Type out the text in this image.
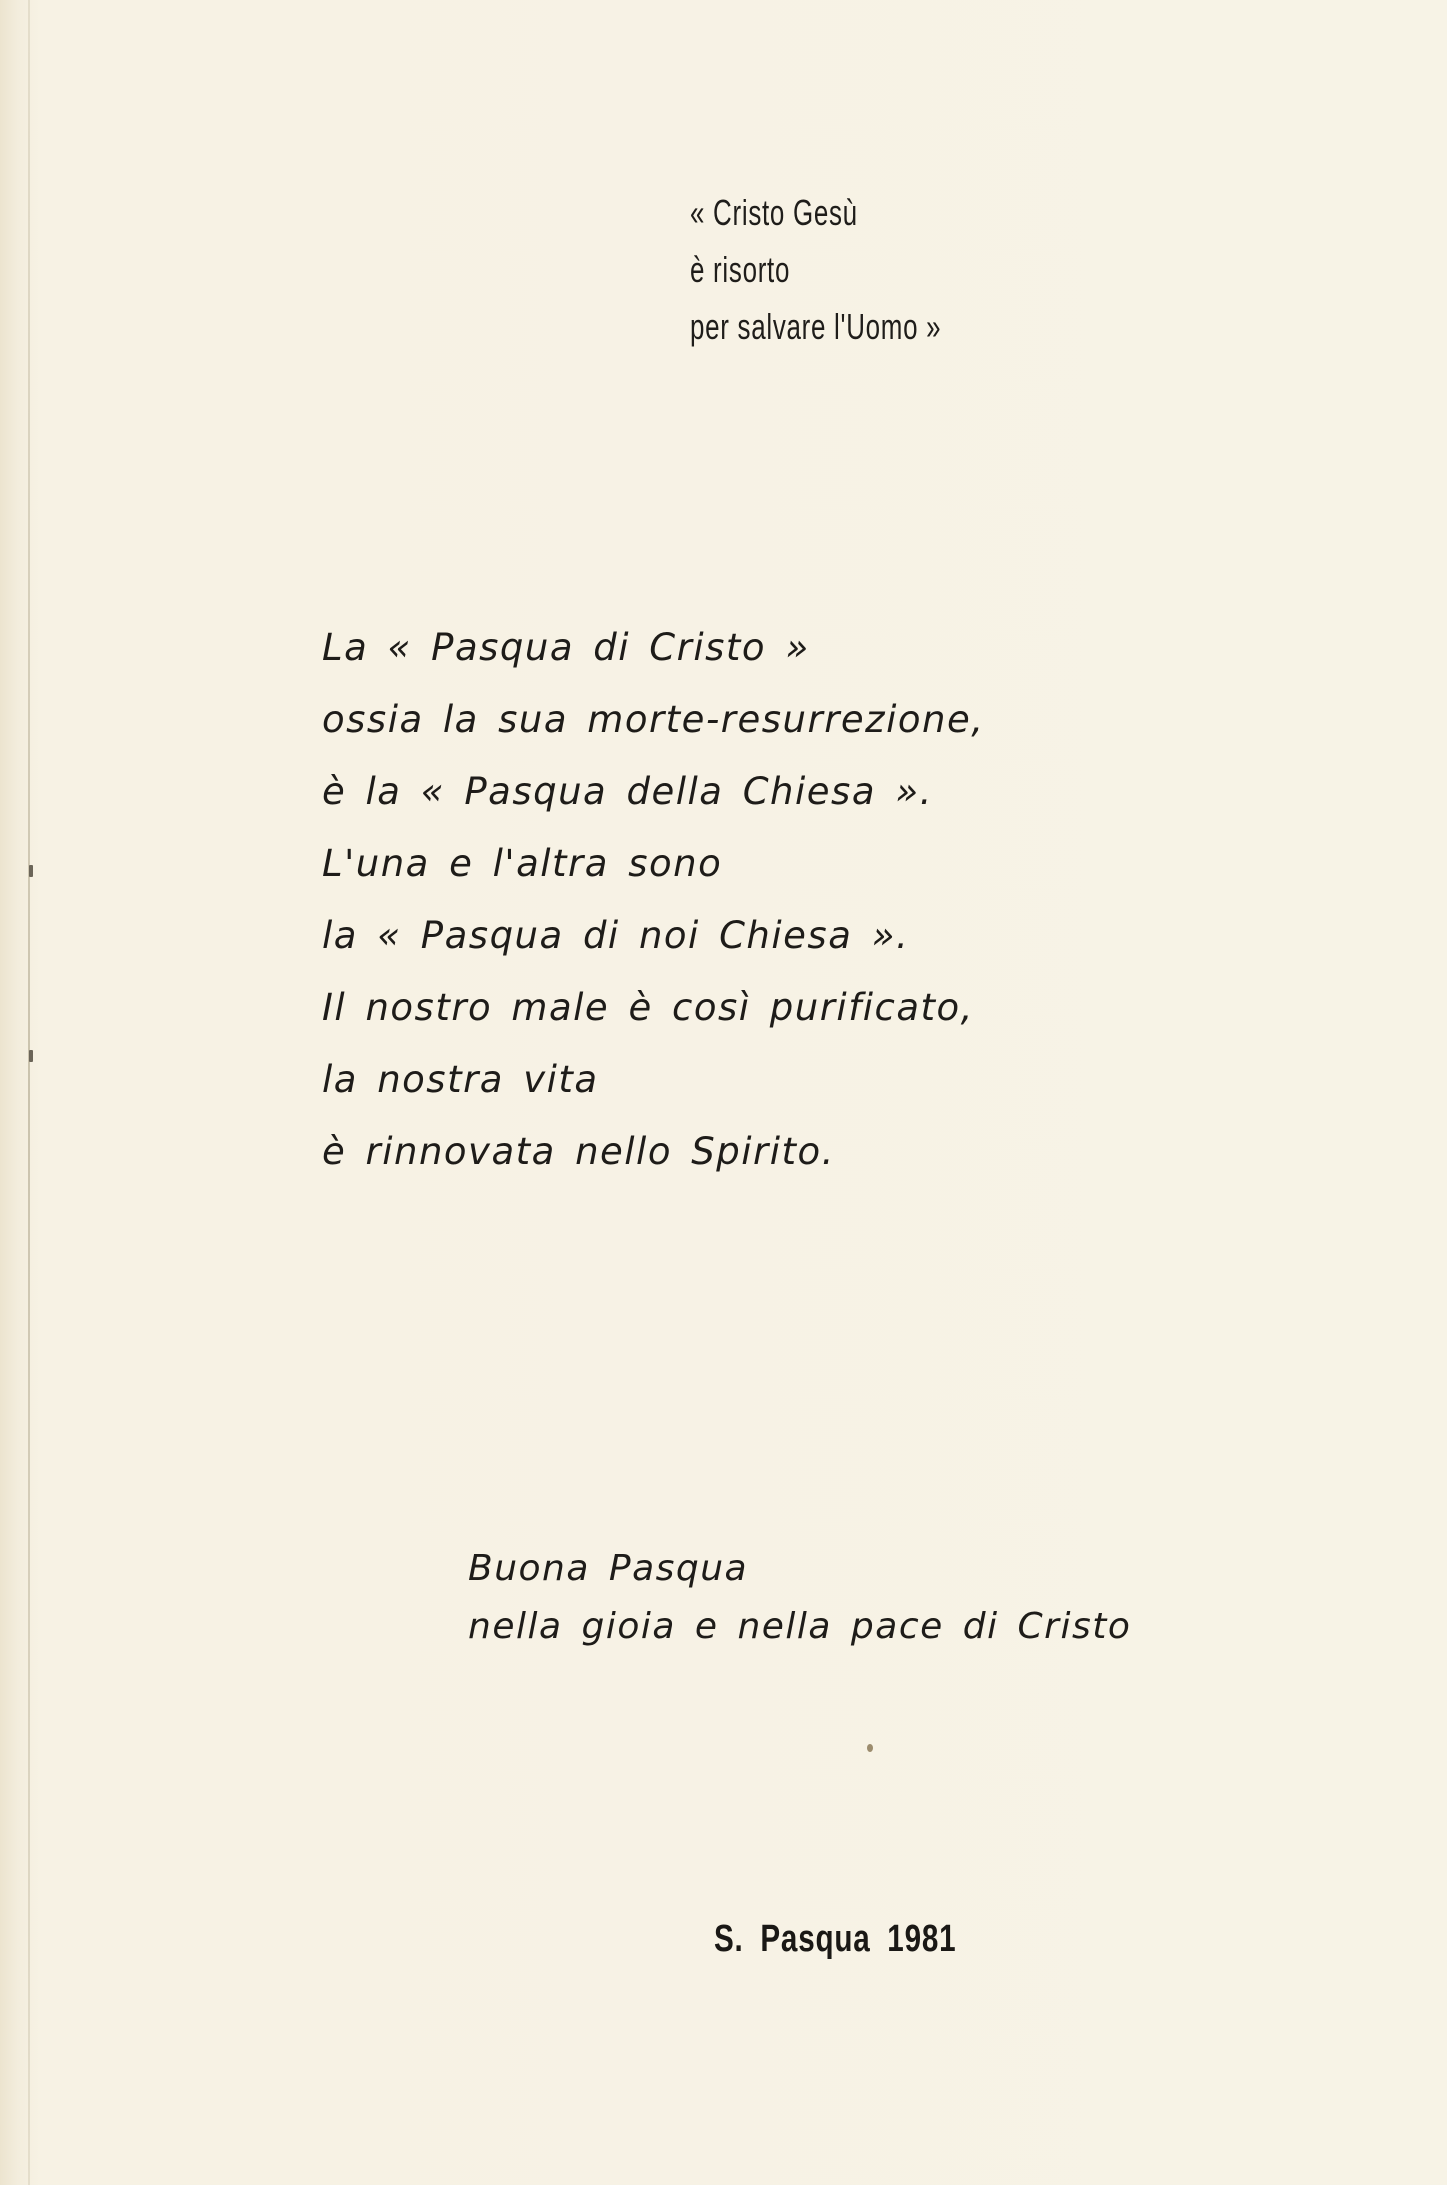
« Cristo Gesù
è risorto
per salvare l'Uomo »
La « Pasqua di Cristo »
ossia la sua morte-resurrezione,
è la « Pasqua della Chiesa ».
L'una e l'altra sono
la « Pasqua di noi Chiesa ».
Il nostro male è così purificato,
la nostra vita
è rinnovata nello Spirito.
Buona Pasqua
nella gioia e nella pace di Cristo
S. Pasqua 1981
